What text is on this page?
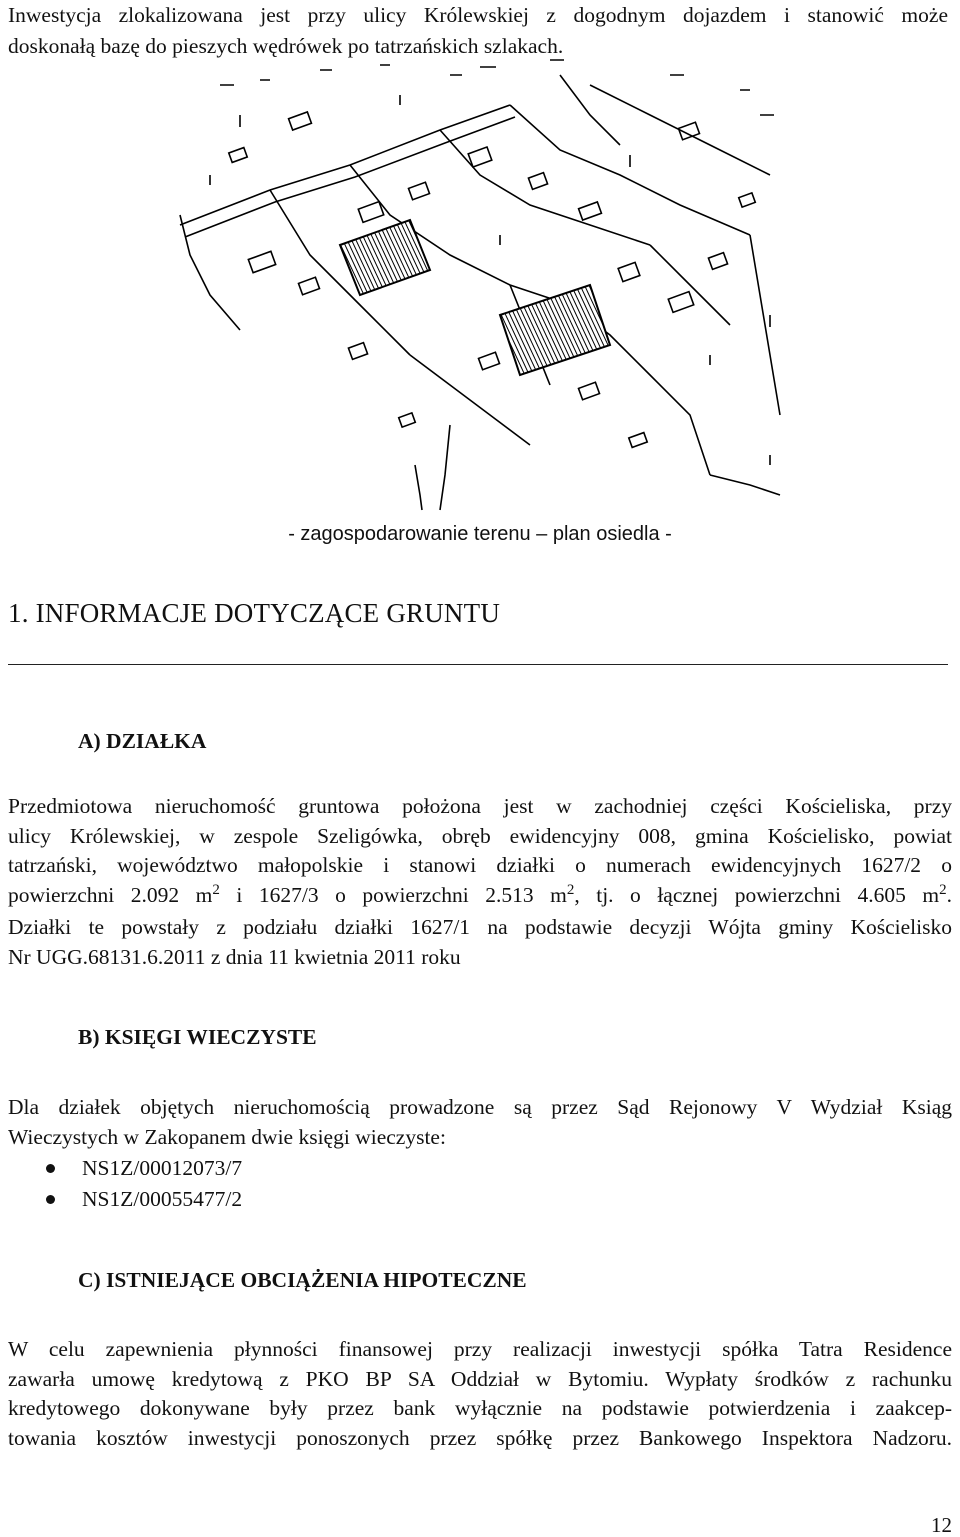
Inwestycja zlokalizowana jest przy ulicy Królewskiej z dogodnym dojazdem i stanowić może
doskonałą bazę do pieszych wędrówek po tatrzańskich szlakach.
- zagospodarowanie terenu – plan osiedla -
1. INFORMACJE DOTYCZĄCE GRUNTU
A) DZIAŁKA
Przedmiotowa nieruchomość gruntowa położona jest w zachodniej części Kościeliska, przy
ulicy Królewskiej, w zespole Szeligówka, obręb ewidencyjny 008, gmina Kościelisko, powiat
tatrzański, województwo małopolskie i stanowi działki o numerach ewidencyjnych 1627/2 o
powierzchni 2.092 $m^2$ i 1627/3 o powierzchni 2.513 $m^2$, tj. o łącznej powierzchni 4.605 $m^2$.
Działki te powstały z podziału działki 1627/1 na podstawie decyzji Wójta gminy Kościelisko
Nr UGG.68131.6.2011 z dnia 11 kwietnia 2011 roku
B) KSIĘGI WIECZYSTE
Dla działek objętych nieruchomością prowadzone są przez Sąd Rejonowy V Wydział Ksiąg
Wieczystych w Zakopanem dwie księgi wieczyste:
NS1Z/00012073/7
NS1Z/00055477/2
C) ISTNIEJĄCE OBCIĄŻENIA HIPOTECZNE
W celu zapewnienia płynności finansowej przy realizacji inwestycji spółka Tatra Residence
zawarła umowę kredytową z PKO BP SA Oddział w Bytomiu. Wypłaty środków z rachunku
kredytowego dokonywane były przez bank wyłącznie na podstawie potwierdzenia i zaakcep-
towania kosztów inwestycji ponoszonych przez spółkę przez Bankowego Inspektora Nadzoru.
12
